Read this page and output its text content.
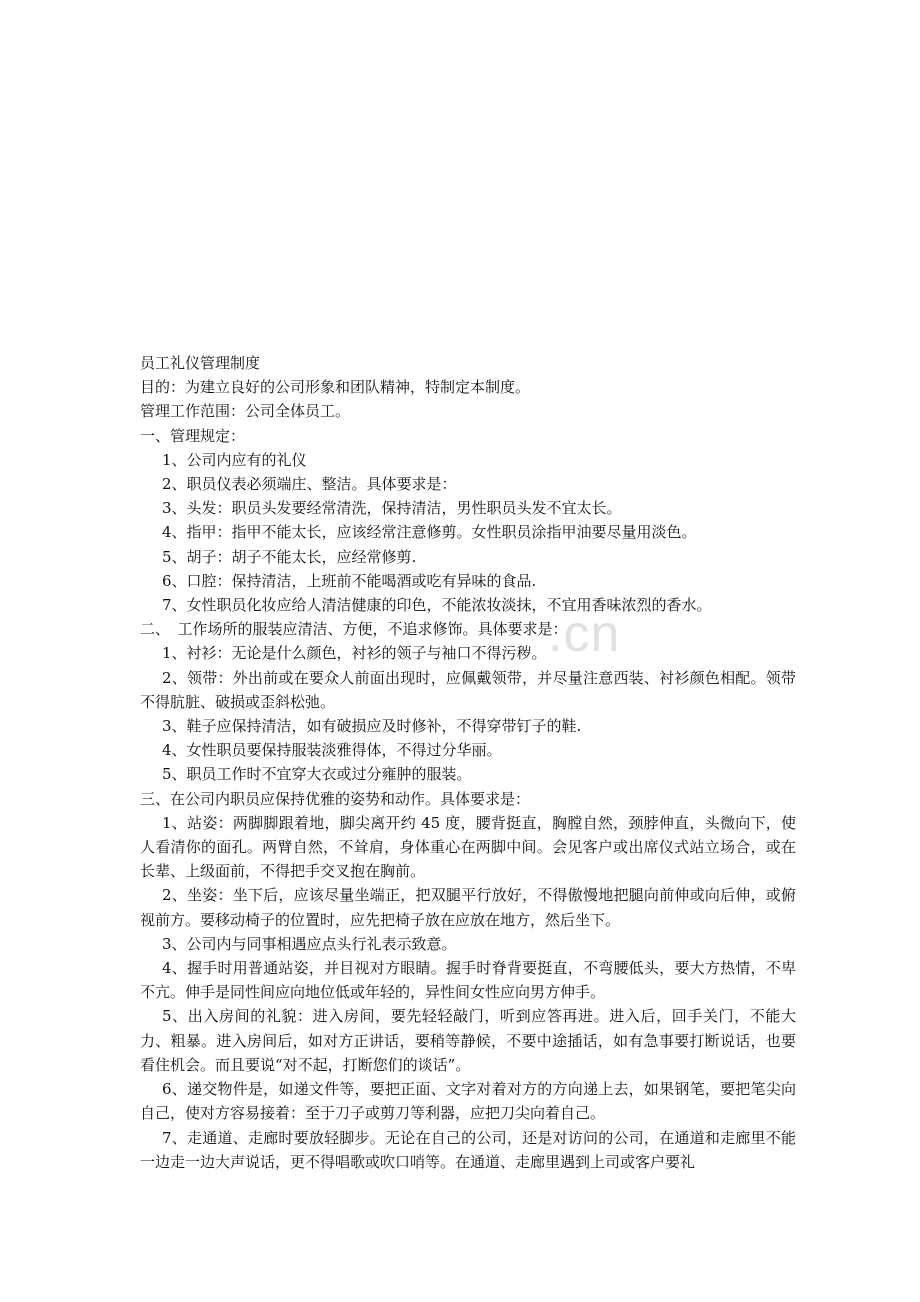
.cn
员工礼仪管理制度
目的：为建立良好的公司形象和团队精神，特制定本制度。
管理工作范围：公司全体员工。
一、管理规定：
1、公司内应有的礼仪
2、职员仪表必须端庄、整洁。具体要求是：
3、头发：职员头发要经常清洗，保持清洁，男性职员头发不宜太长。
4、指甲：指甲不能太长，应该经常注意修剪。女性职员涂指甲油要尽量用淡色。
5、胡子：胡子不能太长，应经常修剪.
6、口腔：保持清洁，上班前不能喝酒或吃有异味的食品.
7、女性职员化妆应给人清洁健康的印色，不能浓妆淡抹，不宜用香味浓烈的香水。
二、　工作场所的服装应清洁、方便，不追求修饰。具体要求是：
1、衬衫：无论是什么颜色，衬衫的领子与袖口不得污秽。
2、领带：外出前或在要众人前面出现时，应佩戴领带，并尽量注意西装、衬衫颜色相配。领带不得肮脏、破损或歪斜松弛。
3、鞋子应保持清洁，如有破损应及时修补，不得穿带钉子的鞋.
4、女性职员要保持服装淡雅得体，不得过分华丽。
5、职员工作时不宜穿大衣或过分雍肿的服装。
三、在公司内职员应保持优雅的姿势和动作。具体要求是：
1、站姿：两脚脚跟着地，脚尖离开约 45 度，腰背挺直，胸膛自然，颈脖伸直，头微向下，使人看清你的面孔。两臂自然，不耸肩，身体重心在两脚中间。会见客户或出席仪式站立场合，或在长辈、上级面前，不得把手交叉抱在胸前。
2、坐姿：坐下后，应该尽量坐端正，把双腿平行放好，不得傲慢地把腿向前伸或向后伸，或俯视前方。要移动椅子的位置时，应先把椅子放在应放在地方，然后坐下。
3、公司内与同事相遇应点头行礼表示致意。
4、握手时用普通站姿，并目视对方眼睛。握手时脊背要挺直，不弯腰低头，要大方热情，不卑不亢。伸手是同性间应向地位低或年轻的，异性间女性应向男方伸手。
5、出入房间的礼貌：进入房间，要先轻轻敲门，听到应答再进。进入后，回手关门，不能大力、粗暴。进入房间后，如对方正讲话，要稍等静候，不要中途插话，如有急事要打断说话，也要看住机会。而且要说“对不起，打断您们的谈话”。
6、递交物件是，如递文件等，要把正面、文字对着对方的方向递上去，如果钢笔，要把笔尖向自己，使对方容易接着：至于刀子或剪刀等利器，应把刀尖向着自己。
7、走通道、走廊时要放轻脚步。无论在自己的公司，还是对访问的公司，在通道和走廊里不能一边走一边大声说话，更不得唱歌或吹口哨等。在通道、走廊里遇到上司或客户要礼
